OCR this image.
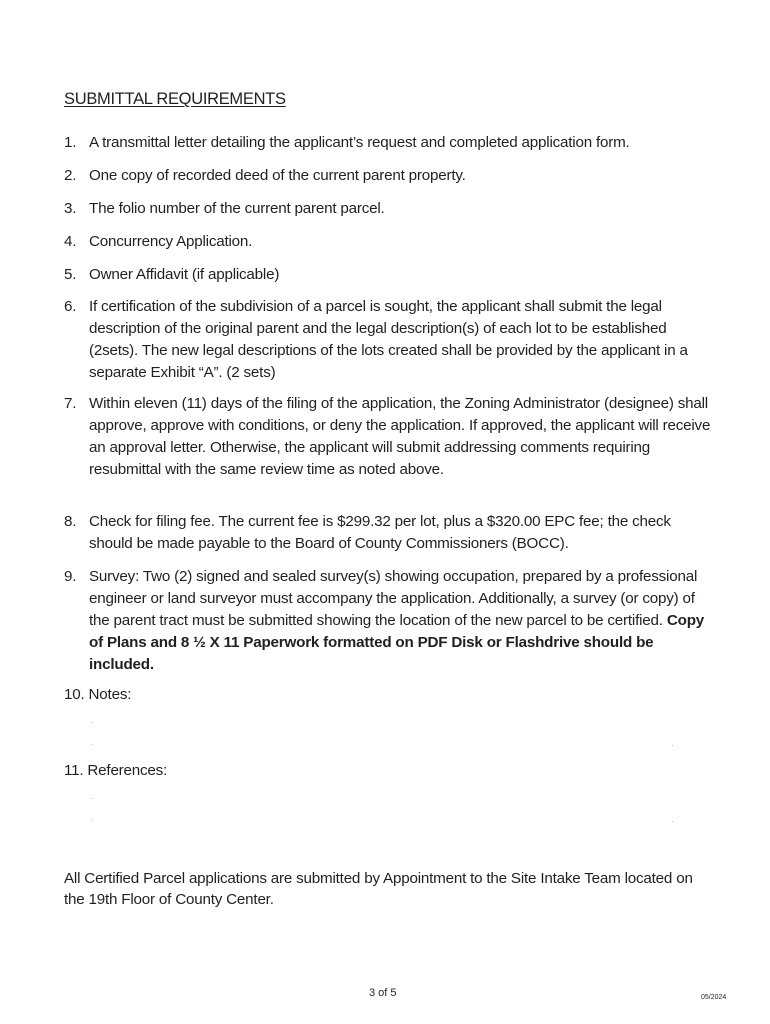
SUBMITTAL REQUIREMENTS
1. A transmittal letter detailing the applicant’s request and completed application form.
2. One copy of recorded deed of the current parent property.
3. The folio number of the current parent parcel.
4. Concurrency Application.
5. Owner Affidavit (if applicable)
6. If certification of the subdivision of a parcel is sought, the applicant shall submit the legal description of the original parent and the legal description(s) of each lot to be established (2sets). The new legal descriptions of the lots created shall be provided by the applicant in a separate Exhibit “A”. (2 sets)
7. Within eleven (11) days of the filing of the application, the Zoning Administrator (designee) shall approve, approve with conditions, or deny the application. If approved, the applicant will receive an approval letter. Otherwise, the applicant will submit addressing comments requiring resubmittal with the same review time as noted above.
8. Check for filing fee. The current fee is $299.32 per lot, plus a $320.00 EPC fee; the check should be made payable to the Board of County Commissioners (BOCC).
9. Survey: Two (2) signed and sealed survey(s) showing occupation, prepared by a professional engineer or land surveyor must accompany the application. Additionally, a survey (or copy) of the parent tract must be submitted showing the location of the new parcel to be certified. Copy of Plans and 8 ½ X 11 Paperwork formatted on PDF Disk or Flashdrive should be included.
10. Notes:
11. References:
All Certified Parcel applications are submitted by Appointment to the Site Intake Team located on the 19th Floor of County Center.
3 of 5	05/2024
